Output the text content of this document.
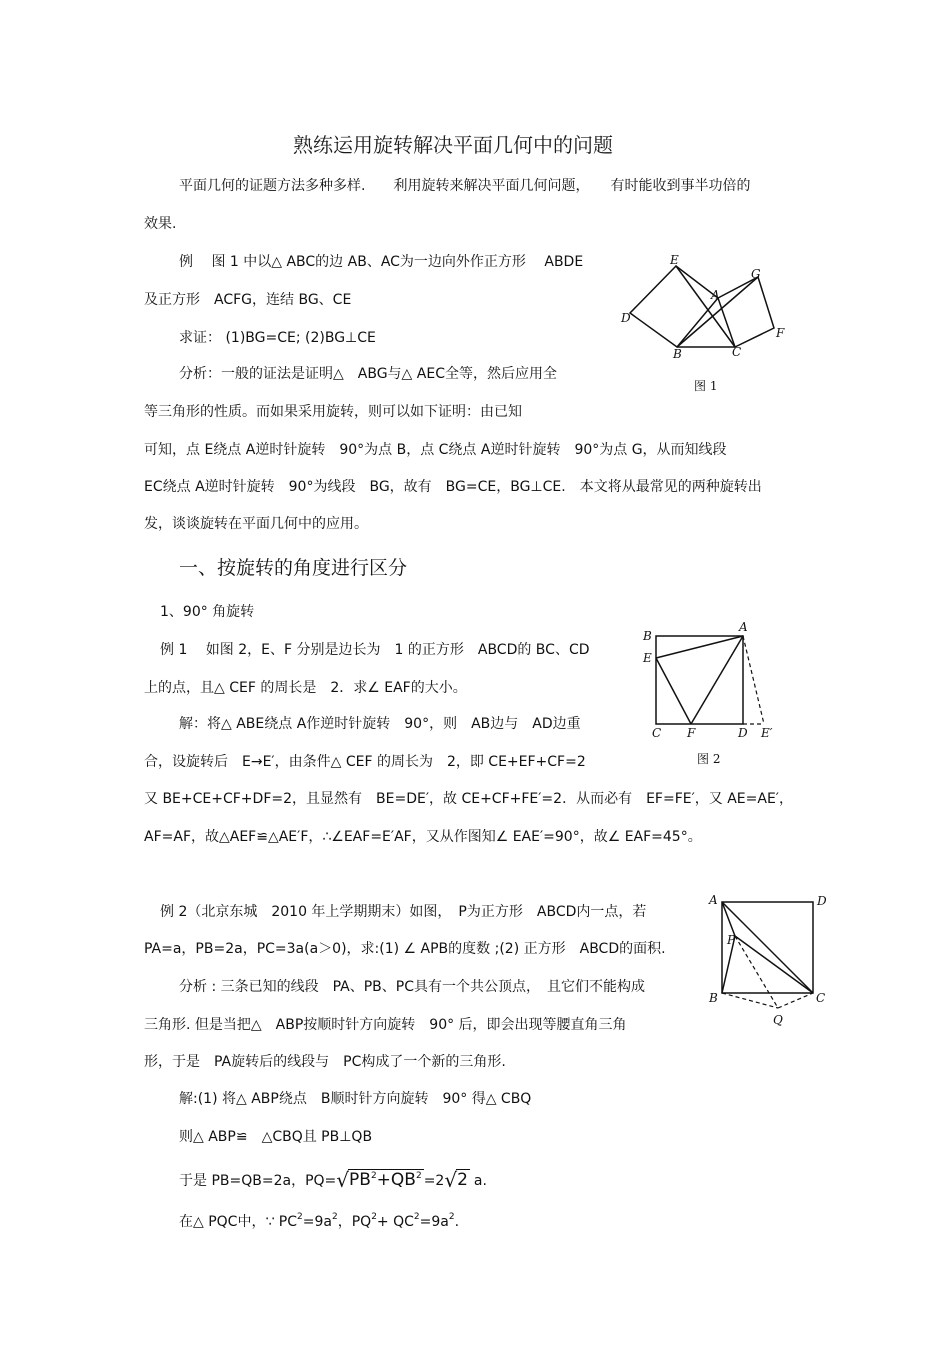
熟练运用旋转解决平面几何中的问题
平面几何的证题方法多种多样.　　利用旋转来解决平面几何问题，　　有时能收到事半功倍的
效果.
例　 图 1 中以△ ABC的边 AB、AC为一边向外作正方形　 ABDE
及正方形　ACFG，连结 BG、CE
求证： (1)BG=CE; (2)BG⊥CE
分析：一般的证法是证明△　ABG与△ AEC全等，然后应用全
等三角形的性质。而如果采用旋转，则可以如下证明：由已知
可知，点 E绕点 A逆时针旋转　90°为点 B，点 C绕点 A逆时针旋转　90°为点 G，从而知线段
EC绕点 A逆时针旋转　90°为线段　BG，故有　BG=CE，BG⊥CE.　本文将从最常见的两种旋转出
发，谈谈旋转在平面几何中的应用。
E
A
G
D
F
B	C
图 1
一、按旋转的角度进行区分
1、90° 角旋转
例 1　 如图 2，E、F 分别是边长为　1 的正方形　ABCD的 BC、CD
上的点，且△ CEF 的周长是　2．求∠ EAF的大小。
解：将△ ABE绕点 A作逆时针旋转　90°，则　AB边与　AD边重
合，设旋转后　E→E′，由条件△ CEF 的周长为　2，即 CE+EF+CF=2
又 BE+CE+CF+DF=2，且显然有　BE=DE′，故 CE+CF+FE′=2．从而必有　EF=FE′，又 AE=AE′，
AF=AF，故△AEF≌△AE′F，∴∠EAF=E′AF，又从作图知∠ EAE′=90°，故∠ EAF=45°。
B
A
E
C F	D E′
图 2
例 2（北京东城　2010 年上学期期末）如图，　P为正方形　ABCD内一点，若
PA=a，PB=2a，PC=3a(a＞0)，求:(1) ∠ APB的度数 ;(2) 正方形　ABCD的面积.
分析 : 三条已知的线段　PA、PB、PC具有一个共公顶点，　且它们不能构成
三角形. 但是当把△　ABP按顺时针方向旋转　90° 后，即会出现等腰直角三角
形，于是　PA旋转后的线段与　PC构成了一个新的三角形.
解:(1) 将△ ABP绕点　B顺时针方向旋转　90° 得△ CBQ
则△ ABP≌　△CBQ且 PB⊥QB
于是 PB=QB=2a，$PQ=√PB^2+QB^2 =2√2$ a.
在△ PQC中，∵ $PC^2=9a^2$，$PQ^2+ QC^2=9a^2$.
A	D
P
B	C
Q
